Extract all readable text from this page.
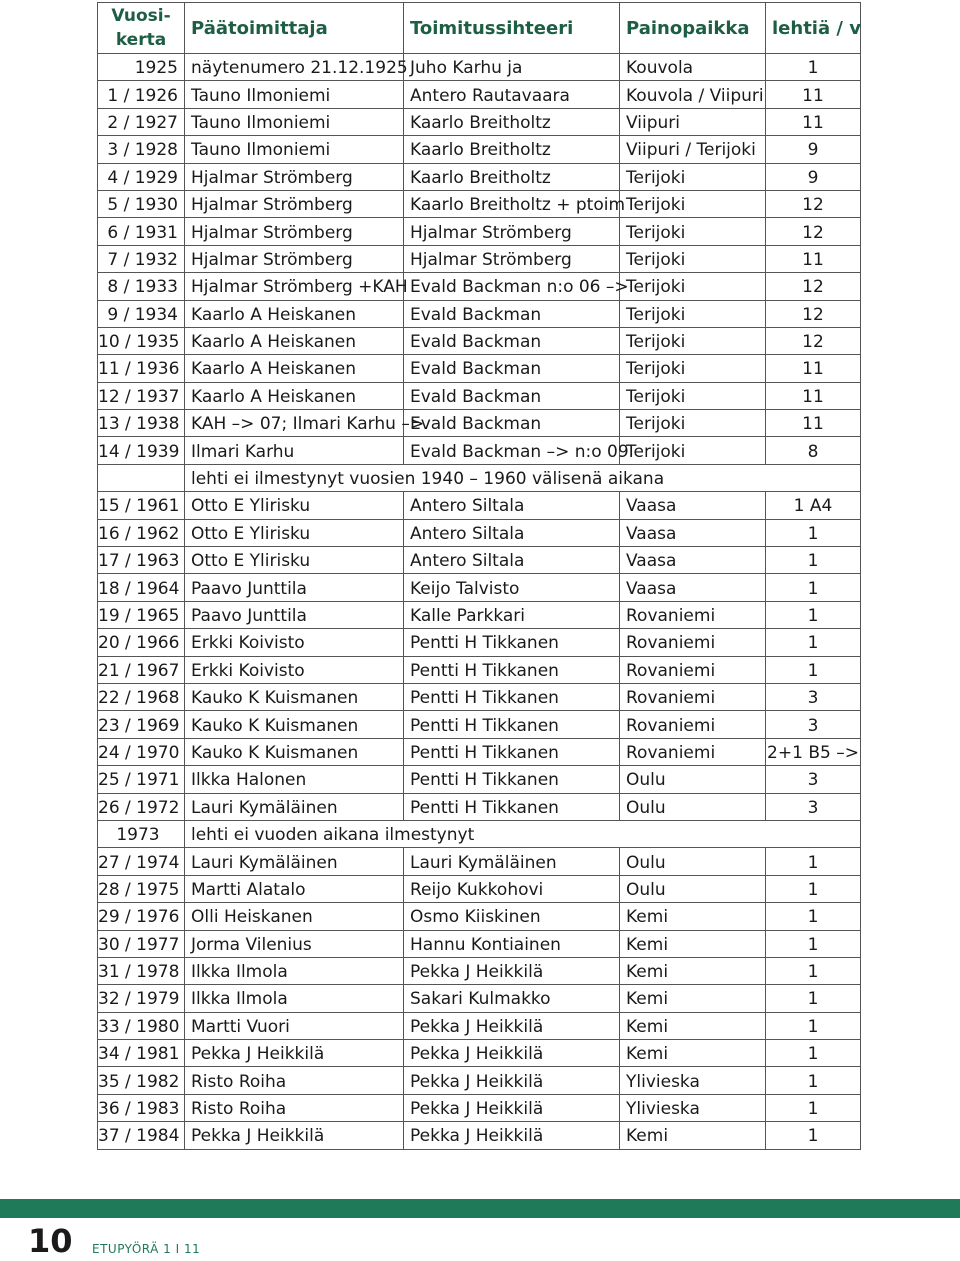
Vuosi-
kerta	Päätoimittaja	Toimitussihteeri	Painopaikka	lehtiä / v
1925	näytenumero 21.12.1925	Juho Karhu ja	Kouvola	1
1 / 1926	Tauno Ilmoniemi	Antero Rautavaara	Kouvola / Viipuri	11
2 / 1927	Tauno Ilmoniemi	Kaarlo Breitholtz	Viipuri	11
3 / 1928	Tauno Ilmoniemi	Kaarlo Breitholtz	Viipuri / Terijoki	9
4 / 1929	Hjalmar Strömberg	Kaarlo Breitholtz	Terijoki	9
5 / 1930	Hjalmar Strömberg	Kaarlo Breitholtz + ptoim	Terijoki	12
6 / 1931	Hjalmar Strömberg	Hjalmar Strömberg	Terijoki	12
7 / 1932	Hjalmar Strömberg	Hjalmar Strömberg	Terijoki	11
8 / 1933	Hjalmar Strömberg +KAH	Evald Backman n:o 06 –>	Terijoki	12
9 / 1934	Kaarlo A Heiskanen	Evald Backman	Terijoki	12
10 / 1935	Kaarlo A Heiskanen	Evald Backman	Terijoki	12
11 / 1936	Kaarlo A Heiskanen	Evald Backman	Terijoki	11
12 / 1937	Kaarlo A Heiskanen	Evald Backman	Terijoki	11
13 / 1938	KAH –> 07; Ilmari Karhu –>	Evald Backman	Terijoki	11
14 / 1939	Ilmari Karhu	Evald Backman –> n:o 09	Terijoki	8
	lehti ei ilmestynyt vuosien 1940 – 1960 välisenä aikana			
15 / 1961	Otto E Ylirisku	Antero Siltala	Vaasa	1 A4
16 / 1962	Otto E Ylirisku	Antero Siltala	Vaasa	1
17 / 1963	Otto E Ylirisku	Antero Siltala	Vaasa	1
18 / 1964	Paavo Junttila	Keijo Talvisto	Vaasa	1
19 / 1965	Paavo Junttila	Kalle Parkkari	Rovaniemi	1
20 / 1966	Erkki Koivisto	Pentti H Tikkanen	Rovaniemi	1
21 / 1967	Erkki Koivisto	Pentti H Tikkanen	Rovaniemi	1
22 / 1968	Kauko K Kuismanen	Pentti H Tikkanen	Rovaniemi	3
23 / 1969	Kauko K Kuismanen	Pentti H Tikkanen	Rovaniemi	3
24 / 1970	Kauko K Kuismanen	Pentti H Tikkanen	Rovaniemi	2+1 B5 –>
25 / 1971	Ilkka Halonen	Pentti H Tikkanen	Oulu	3
26 / 1972	Lauri Kymäläinen	Pentti H Tikkanen	Oulu	3
1973	lehti ei vuoden aikana ilmestynyt			
27 / 1974	Lauri Kymäläinen	Lauri Kymäläinen	Oulu	1
28 / 1975	Martti Alatalo	Reijo Kukkohovi	Oulu	1
29 / 1976	Olli Heiskanen	Osmo Kiiskinen	Kemi	1
30 / 1977	Jorma Vilenius	Hannu Kontiainen	Kemi	1
31 / 1978	Ilkka Ilmola	Pekka J Heikkilä	Kemi	1
32 / 1979	Ilkka Ilmola	Sakari Kulmakko	Kemi	1
33 / 1980	Martti Vuori	Pekka J Heikkilä	Kemi	1
34 / 1981	Pekka J Heikkilä	Pekka J Heikkilä	Kemi	1
35 / 1982	Risto Roiha	Pekka J Heikkilä	Ylivieska	1
36 / 1983	Risto Roiha	Pekka J Heikkilä	Ylivieska	1
37 / 1984	Pekka J Heikkilä	Pekka J Heikkilä	Kemi	1
10 ETUPYÖRÄ 1 I 11
